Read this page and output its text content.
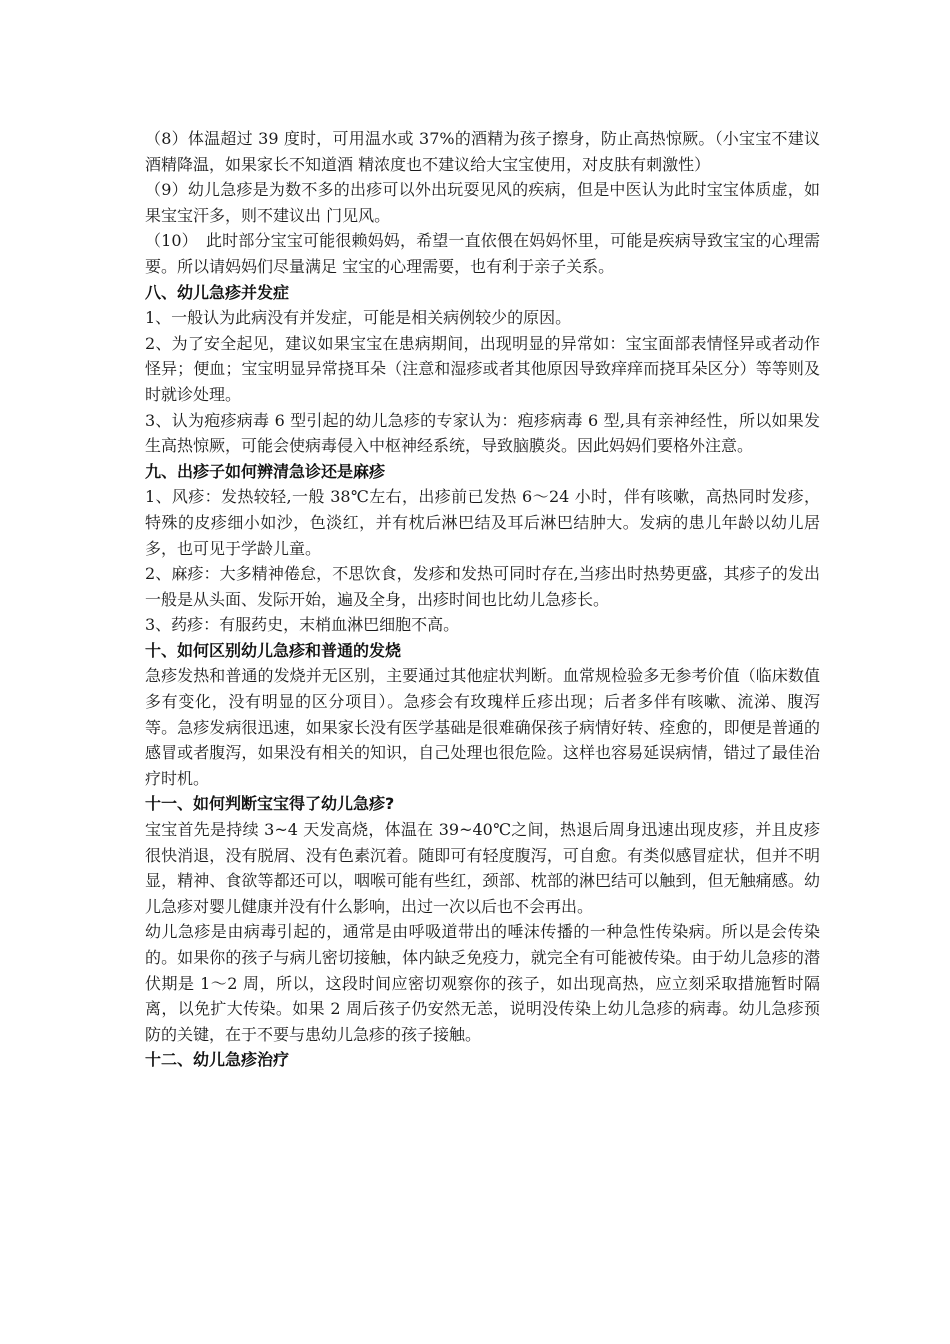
（8）体温超过 39 度时，可用温水或 37%的酒精为孩子擦身，防止高热惊厥。（小宝宝不建议酒精降温，如果家长不知道酒 精浓度也不建议给大宝宝使用，对皮肤有刺激性）

（9）幼儿急疹是为数不多的出疹可以外出玩耍见风的疾病，但是中医认为此时宝宝体质虚，如果宝宝汗多，则不建议出 门见风。

（10）　此时部分宝宝可能很赖妈妈，希望一直依偎在妈妈怀里，可能是疾病导致宝宝的心理需要。所以请妈妈们尽量满足 宝宝的心理需要，也有利于亲子关系。

八、幼儿急疹并发症

1、一般认为此病没有并发症，可能是相关病例较少的原因。

2、为了安全起见，建议如果宝宝在患病期间，出现明显的异常如：宝宝面部表情怪异或者动作怪异；便血；宝宝明显异常挠耳朵（注意和湿疹或者其他原因导致痒痒而挠耳朵区分）等等则及时就诊处理。

3、认为疱疹病毒 6 型引起的幼儿急疹的专家认为：疱疹病毒 6 型,具有亲神经性，所以如果发生高热惊厥，可能会使病毒侵入中枢神经系统，导致脑膜炎。因此妈妈们要格外注意。

九、出疹子如何辨清急诊还是麻疹

1、风疹：发热较轻,一般 38℃左右，出疹前已发热 6～24 小时，伴有咳嗽，高热同时发疹，特殊的皮疹细小如沙，色淡红，并有枕后淋巴结及耳后淋巴结肿大。发病的患儿年龄以幼儿居多，也可见于学龄儿童。

2、麻疹：大多精神倦怠，不思饮食，发疹和发热可同时存在,当疹出时热势更盛，其疹子的发出一般是从头面、发际开始，遍及全身，出疹时间也比幼儿急疹长。

3、药疹：有服药史，末梢血淋巴细胞不高。

十、如何区别幼儿急疹和普通的发烧

急疹发热和普通的发烧并无区别，主要通过其他症状判断。血常规检验多无参考价值（临床数值多有变化，没有明显的区分项目）。急疹会有玫瑰样丘疹出现；后者多伴有咳嗽、流涕、腹泻等。急疹发病很迅速，如果家长没有医学基础是很难确保孩子病情好转、痊愈的，即便是普通的感冒或者腹泻，如果没有相关的知识，自己处理也很危险。这样也容易延误病情，错过了最佳治疗时机。

十一、如何判断宝宝得了幼儿急疹?

宝宝首先是持续 3~4 天发高烧，体温在 39~40℃之间，热退后周身迅速出现皮疹，并且皮疹很快消退，没有脱屑、没有色素沉着。随即可有轻度腹泻，可自愈。有类似感冒症状，但并不明显，精神、食欲等都还可以，咽喉可能有些红，颈部、枕部的淋巴结可以触到，但无触痛感。幼儿急疹对婴儿健康并没有什么影响，出过一次以后也不会再出。

幼儿急疹是由病毒引起的，通常是由呼吸道带出的唾沫传播的一种急性传染病。所以是会传染的。如果你的孩子与病儿密切接触，体内缺乏免疫力，就完全有可能被传染。由于幼儿急疹的潜伏期是 1～2 周，所以，这段时间应密切观察你的孩子，如出现高热，应立刻采取措施暂时隔离，以免扩大传染。如果 2 周后孩子仍安然无恙，说明没传染上幼儿急疹的病毒。幼儿急疹预防的关键，在于不要与患幼儿急疹的孩子接触。

十二、幼儿急疹治疗
